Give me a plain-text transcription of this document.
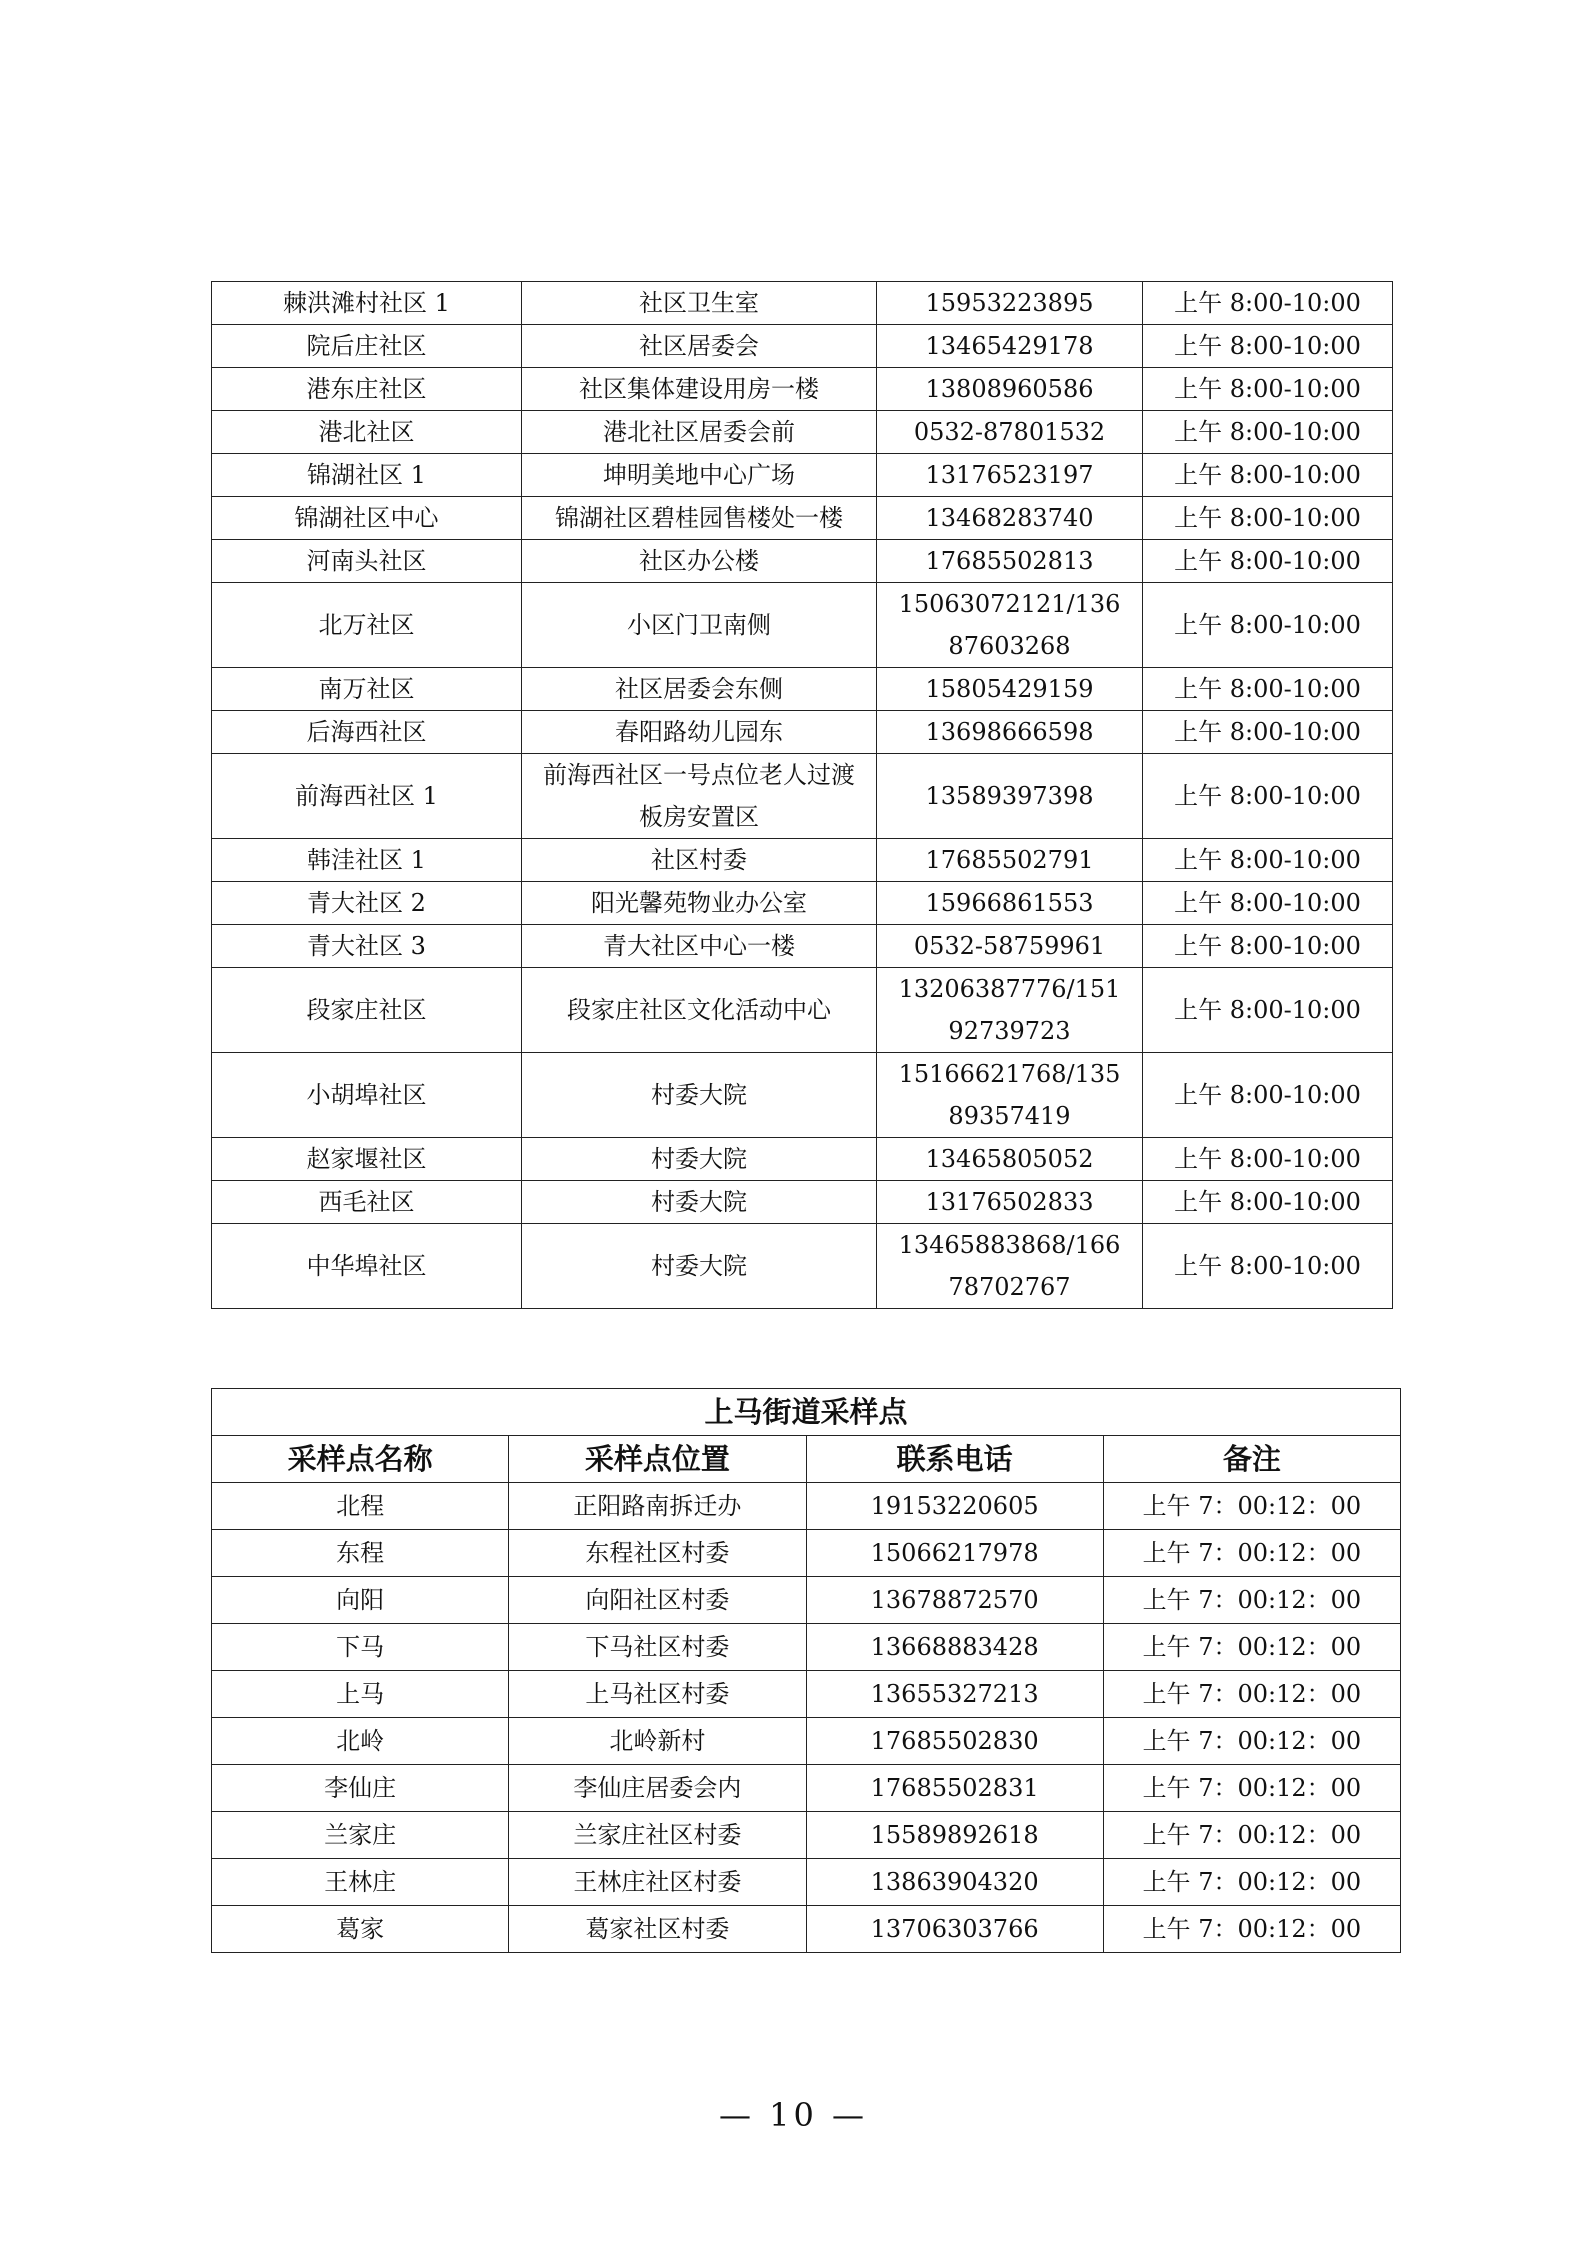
棘洪滩村社区 1	社区卫生室	15953223895	上午 8:00-10:00
院后庄社区	社区居委会	13465429178	上午 8:00-10:00
港东庄社区	社区集体建设用房一楼	13808960586	上午 8:00-10:00
港北社区	港北社区居委会前	0532-87801532	上午 8:00-10:00
锦湖社区 1	坤明美地中心广场	13176523197	上午 8:00-10:00
锦湖社区中心	锦湖社区碧桂园售楼处一楼	13468283740	上午 8:00-10:00
河南头社区	社区办公楼	17685502813	上午 8:00-10:00
北万社区	小区门卫南侧	15063072121/13687603268	上午 8:00-10:00
南万社区	社区居委会东侧	15805429159	上午 8:00-10:00
后海西社区	春阳路幼儿园东	13698666598	上午 8:00-10:00
前海西社区 1	前海西社区一号点位老人过渡板房安置区	13589397398	上午 8:00-10:00
韩洼社区 1	社区村委	17685502791	上午 8:00-10:00
青大社区 2	阳光馨苑物业办公室	15966861553	上午 8:00-10:00
青大社区 3	青大社区中心一楼	0532-58759961	上午 8:00-10:00
段家庄社区	段家庄社区文化活动中心	13206387776/15192739723	上午 8:00-10:00
小胡埠社区	村委大院	15166621768/13589357419	上午 8:00-10:00
赵家堰社区	村委大院	13465805052	上午 8:00-10:00
西毛社区	村委大院	13176502833	上午 8:00-10:00
中华埠社区	村委大院	13465883868/16678702767	上午 8:00-10:00
上马街道采样点			
采样点名称	采样点位置	联系电话	备注
北程	正阳路南拆迁办	19153220605	上午 7：00:12：00
东程	东程社区村委	15066217978	上午 7：00:12：00
向阳	向阳社区村委	13678872570	上午 7：00:12：00
下马	下马社区村委	13668883428	上午 7：00:12：00
上马	上马社区村委	13655327213	上午 7：00:12：00
北岭	北岭新村	17685502830	上午 7：00:12：00
李仙庄	李仙庄居委会内	17685502831	上午 7：00:12：00
兰家庄	兰家庄社区村委	15589892618	上午 7：00:12：00
王林庄	王林庄社区村委	13863904320	上午 7：00:12：00
葛家	葛家社区村委	13706303766	上午 7：00:12：00
— 10 —
